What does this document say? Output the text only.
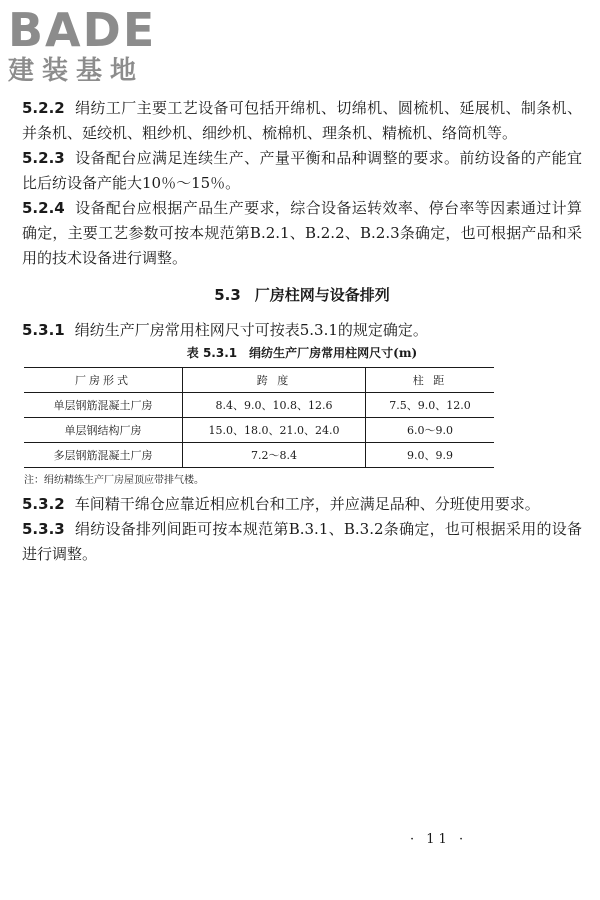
BADE
建装基地

5.2.2 绢纺工厂主要工艺设备可包括开绵机、切绵机、圆梳机、延展机、制条机、并条机、延绞机、粗纱机、细纱机、梳棉机、理条机、精梳机、络筒机等。

5.2.3 设备配台应满足连续生产、产量平衡和品种调整的要求。前纺设备的产能宜比后纺设备产能大10％～15％。

5.2.4 设备配台应根据产品生产要求，综合设备运转效率、停台率等因素通过计算确定，主要工艺参数可按本规范第B.2.1、B.2.2、B.2.3条确定，也可根据产品和采用的技术设备进行调整。

5.3 厂房柱网与设备排列

5.3.1 绢纺生产厂房常用柱网尺寸可按表5.3.1的规定确定。

表 5.3.1 绢纺生产厂房常用柱网尺寸(m)
厂房形式	跨 度	柱 距
单层钢筋混凝土厂房	8.4、9.0、10.8、12.6	7.5、9.0、12.0
单层钢结构厂房	15.0、18.0、21.0、24.0	6.0～9.0
多层钢筋混凝土厂房	7.2～8.4	9.0、9.9

注：绢纺精练生产厂房屋顶应带排气楼。

5.3.2 车间精干绵仓应靠近相应机台和工序，并应满足品种、分班使用要求。

5.3.3 绢纺设备排列间距可按本规范第B.3.1、B.3.2条确定，也可根据采用的设备进行调整。

· 11 ·
